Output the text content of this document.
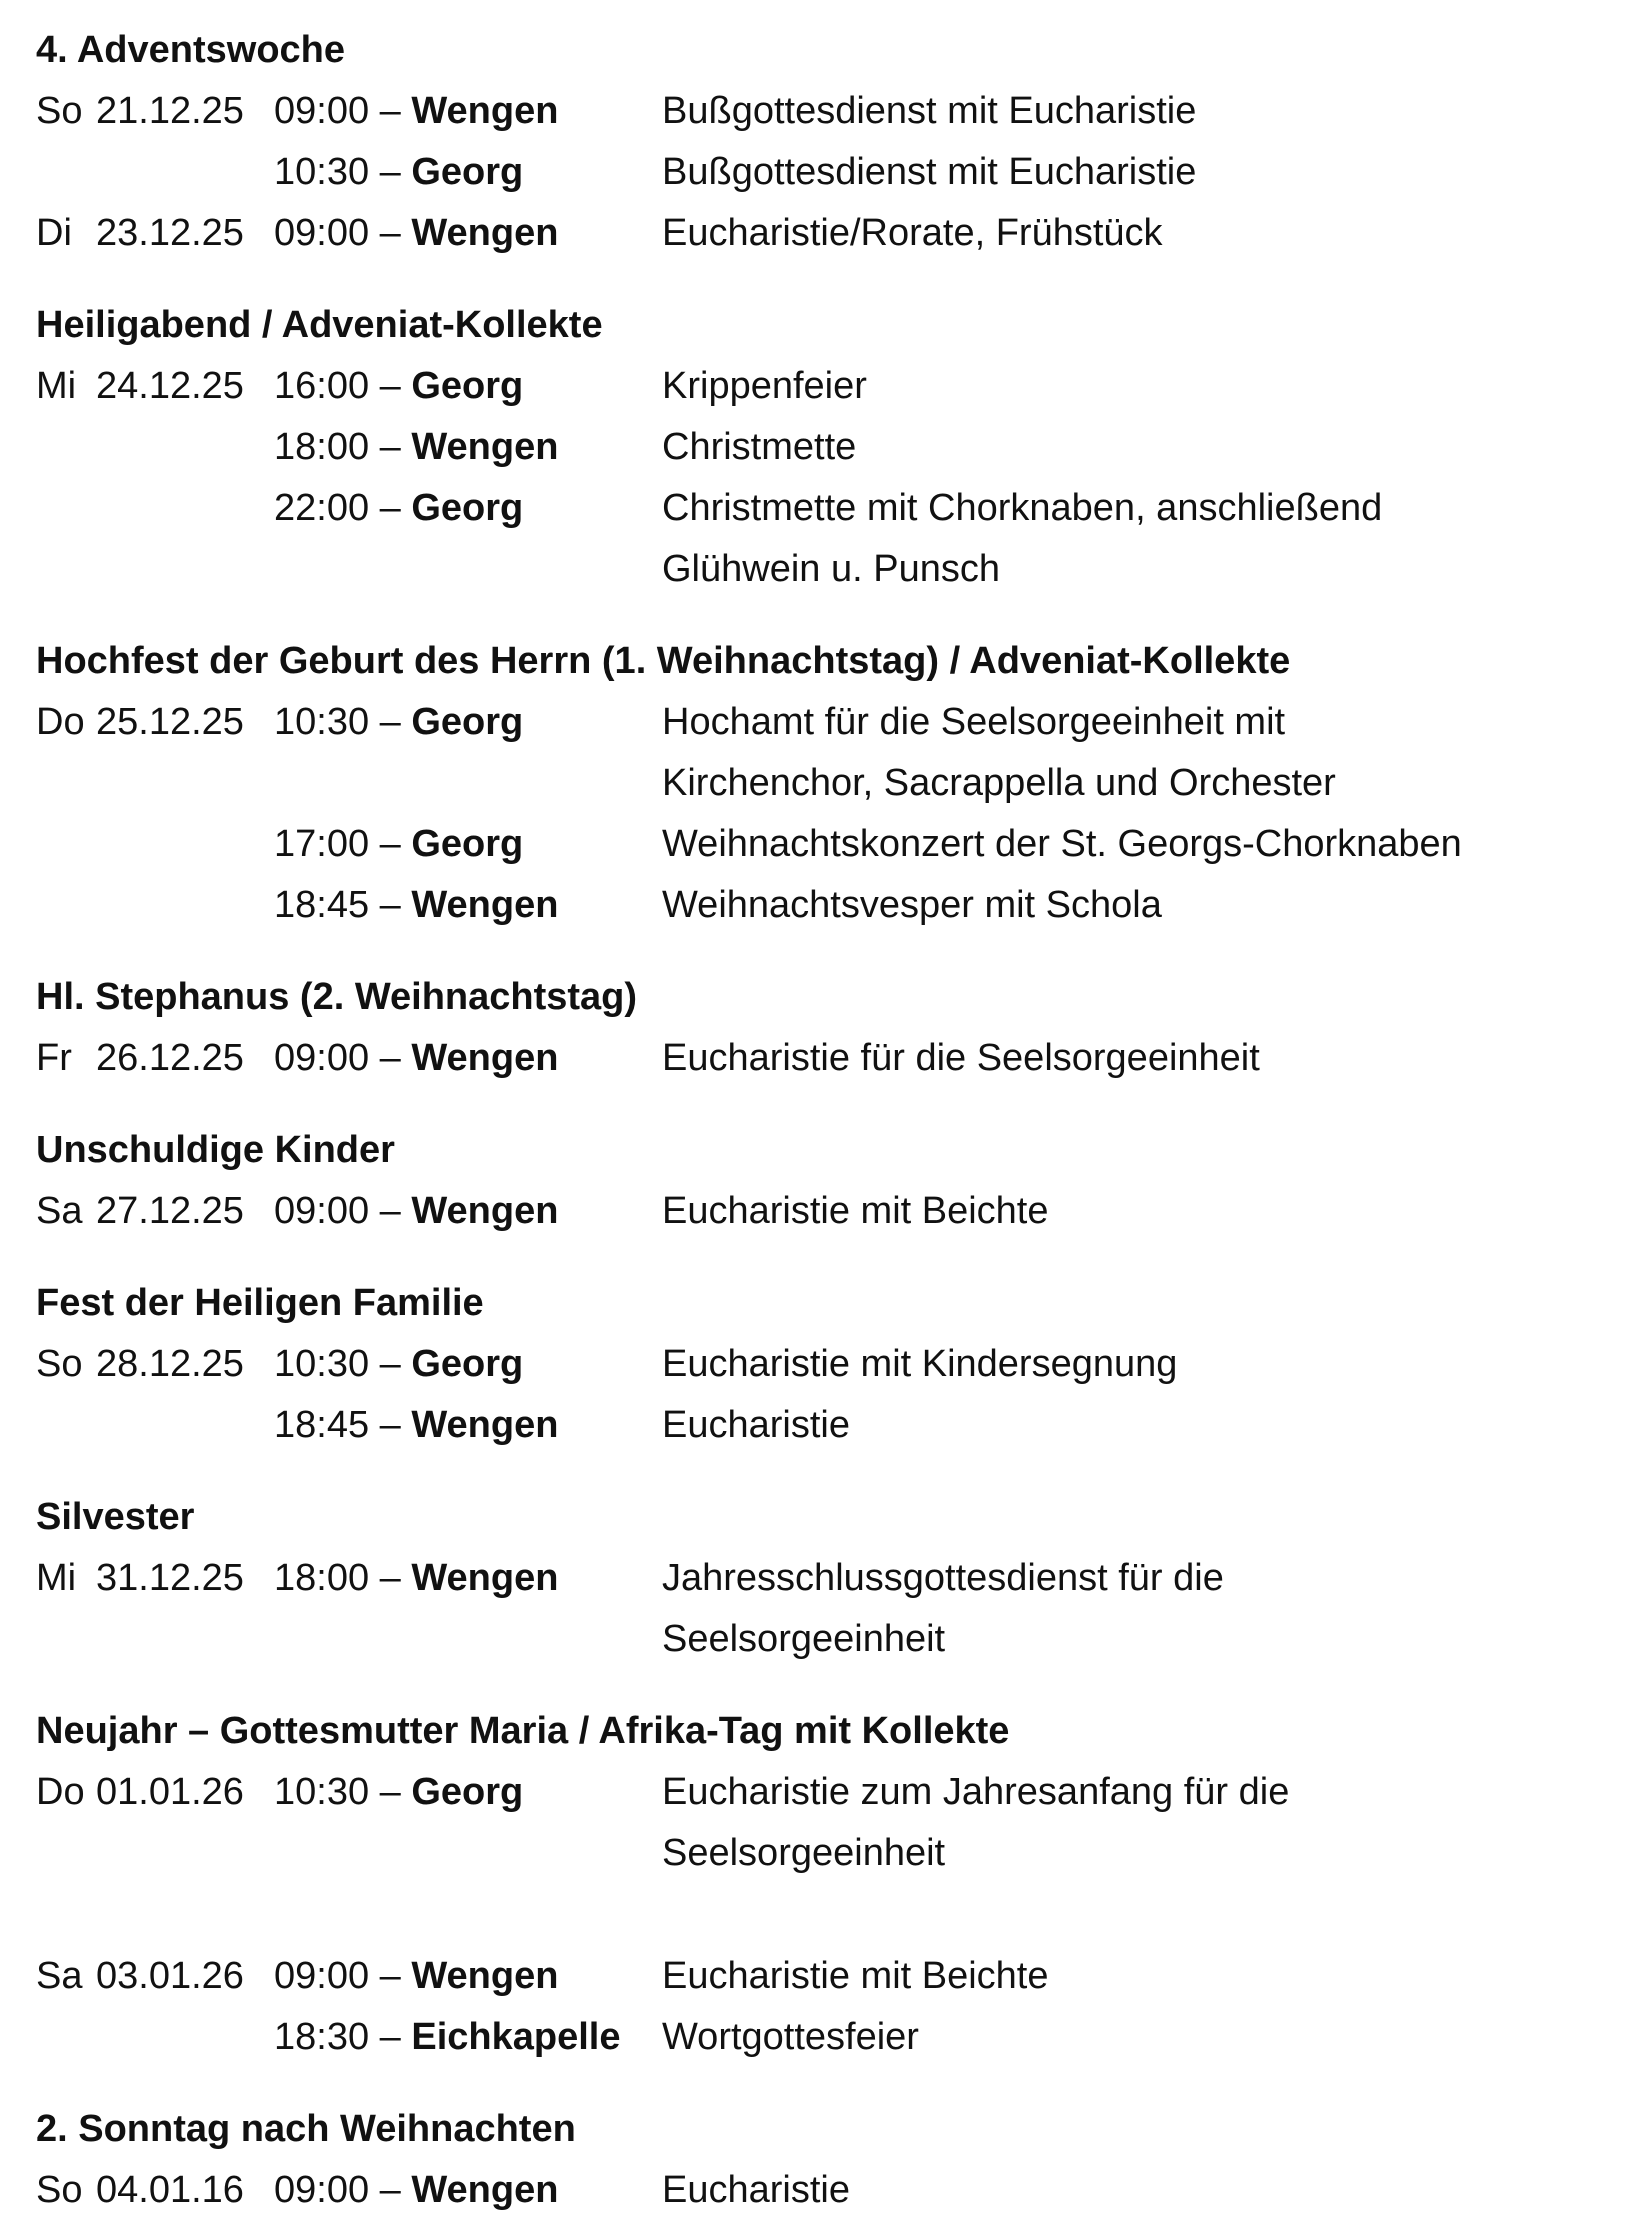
4. Adventswoche
So 21.12.25 09:00 – Wengen	Bußgottesdienst mit Eucharistie
10:30 – Georg	Bußgottesdienst mit Eucharistie
Di 23.12.25 09:00 – Wengen	Eucharistie/Rorate, Frühstück
Heiligabend / Adveniat-Kollekte
Mi 24.12.25 16:00 – Georg	Krippenfeier
18:00 – Wengen	Christmette
22:00 – Georg	Christmette mit Chorknaben, anschließend
Glühwein u. Punsch
Hochfest der Geburt des Herrn (1. Weihnachtstag) / Adveniat-Kollekte
Do 25.12.25 10:30 – Georg	Hochamt für die Seelsorgeeinheit mit
Kirchenchor, Sacrappella und Orchester
17:00 – Georg	Weihnachtskonzert der St. Georgs-Chorknaben
18:45 – Wengen	Weihnachtsvesper mit Schola
Hl. Stephanus (2. Weihnachtstag)
Fr 26.12.25 09:00 – Wengen	Eucharistie für die Seelsorgeeinheit
Unschuldige Kinder
Sa 27.12.25 09:00 – Wengen	Eucharistie mit Beichte
Fest der Heiligen Familie
So 28.12.25 10:30 – Georg	Eucharistie mit Kindersegnung
18:45 – Wengen	Eucharistie
Silvester
Mi 31.12.25 18:00 – Wengen	Jahresschlussgottesdienst für die
Seelsorgeeinheit
Neujahr – Gottesmutter Maria / Afrika-Tag mit Kollekte
Do 01.01.26 10:30 – Georg	Eucharistie zum Jahresanfang für die
Seelsorgeeinheit
Sa 03.01.26 09:00 – Wengen	Eucharistie mit Beichte
18:30 – Eichkapelle Wortgottesfeier
2. Sonntag nach Weihnachten
So 04.01.16 09:00 – Wengen	Eucharistie
